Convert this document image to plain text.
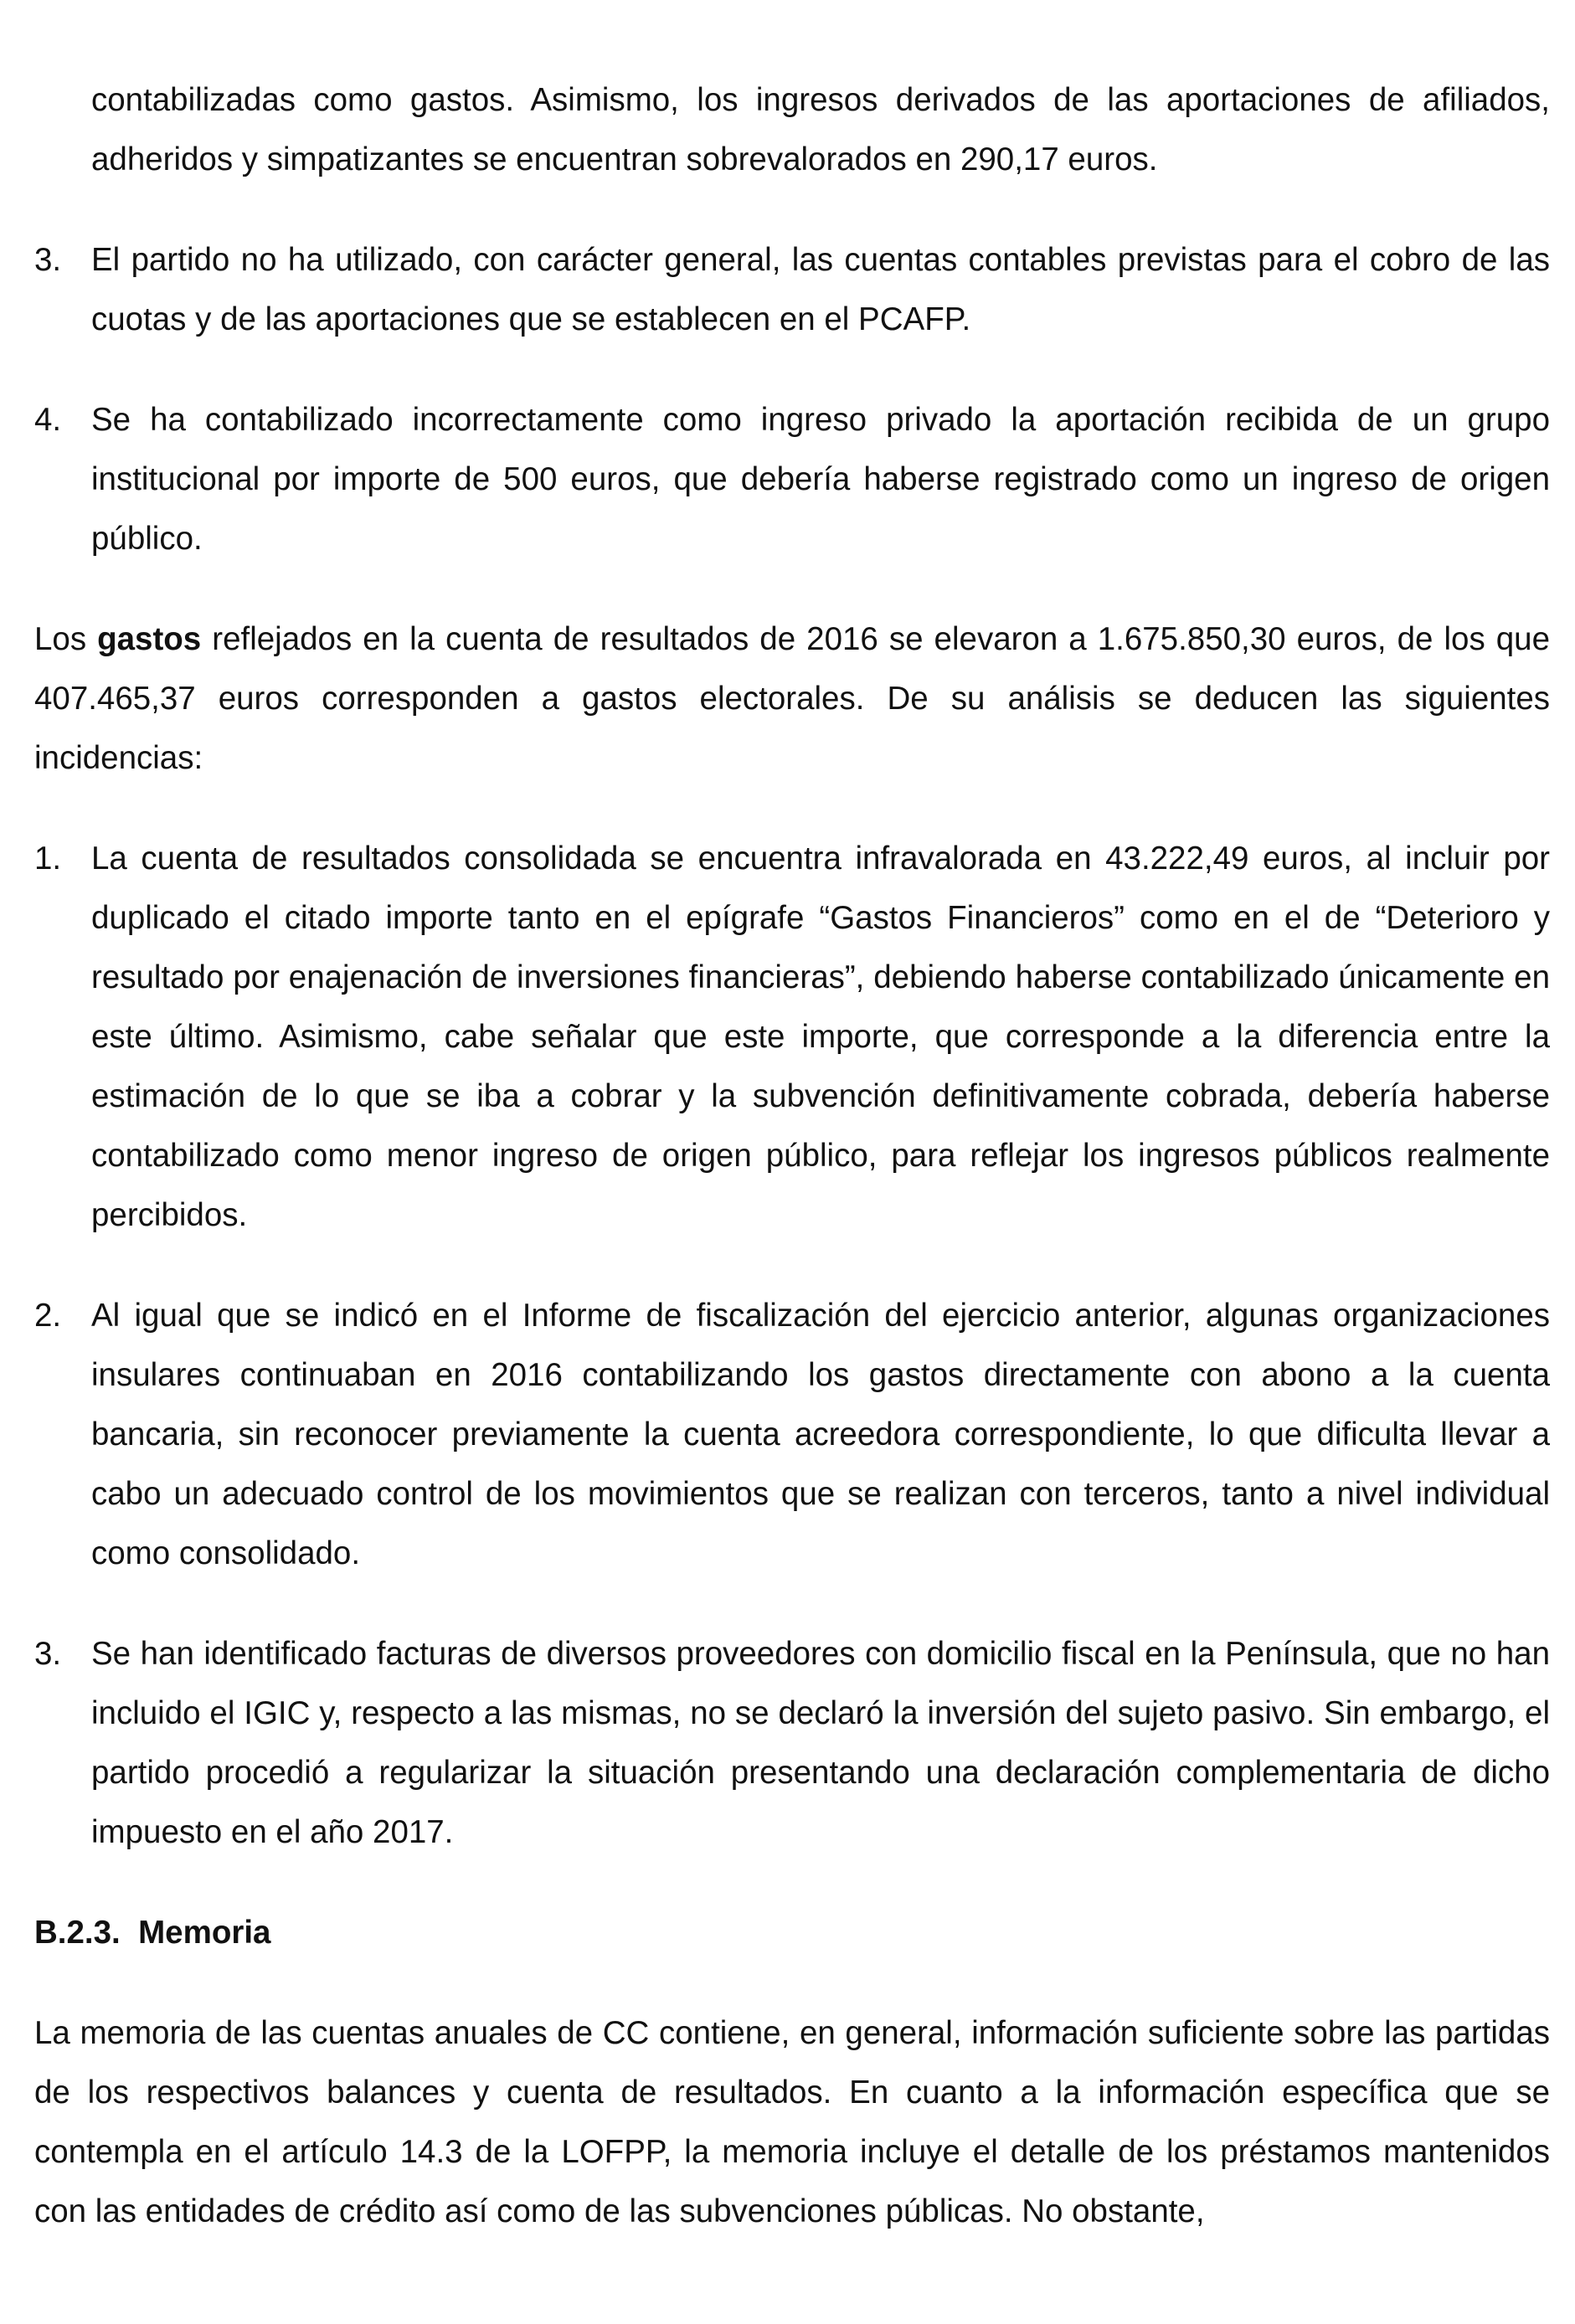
contabilizadas como gastos. Asimismo, los ingresos derivados de las aportaciones de afiliados, adheridos y simpatizantes se encuentran sobrevalorados en 290,17 euros.

3. El partido no ha utilizado, con carácter general, las cuentas contables previstas para el cobro de las cuotas y de las aportaciones que se establecen en el PCAFP.
4. Se ha contabilizado incorrectamente como ingreso privado la aportación recibida de un grupo institucional por importe de 500 euros, que debería haberse registrado como un ingreso de origen público.

Los gastos reflejados en la cuenta de resultados de 2016 se elevaron a 1.675.850,30 euros, de los que 407.465,37 euros corresponden a gastos electorales. De su análisis se deducen las siguientes incidencias:

1. La cuenta de resultados consolidada se encuentra infravalorada en 43.222,49 euros, al incluir por duplicado el citado importe tanto en el epígrafe “Gastos Financieros” como en el de “Deterioro y resultado por enajenación de inversiones financieras”, debiendo haberse contabilizado únicamente en este último. Asimismo, cabe señalar que este importe, que corresponde a la diferencia entre la estimación de lo que se iba a cobrar y la subvención definitivamente cobrada, debería haberse contabilizado como menor ingreso de origen público, para reflejar los ingresos públicos realmente percibidos.
2. Al igual que se indicó en el Informe de fiscalización del ejercicio anterior, algunas organizaciones insulares continuaban en 2016 contabilizando los gastos directamente con abono a la cuenta bancaria, sin reconocer previamente la cuenta acreedora correspondiente, lo que dificulta llevar a cabo un adecuado control de los movimientos que se realizan con terceros, tanto a nivel individual como consolidado.
3. Se han identificado facturas de diversos proveedores con domicilio fiscal en la Península, que no han incluido el IGIC y, respecto a las mismas, no se declaró la inversión del sujeto pasivo. Sin embargo, el partido procedió a regularizar la situación presentando una declaración complementaria de dicho impuesto en el año 2017.

B.2.3.  Memoria

La memoria de las cuentas anuales de CC contiene, en general, información suficiente sobre las partidas de los respectivos balances y cuenta de resultados. En cuanto a la información específica que se contempla en el artículo 14.3 de la LOFPP, la memoria incluye el detalle de los préstamos mantenidos con las entidades de crédito así como de las subvenciones públicas. No obstante,
